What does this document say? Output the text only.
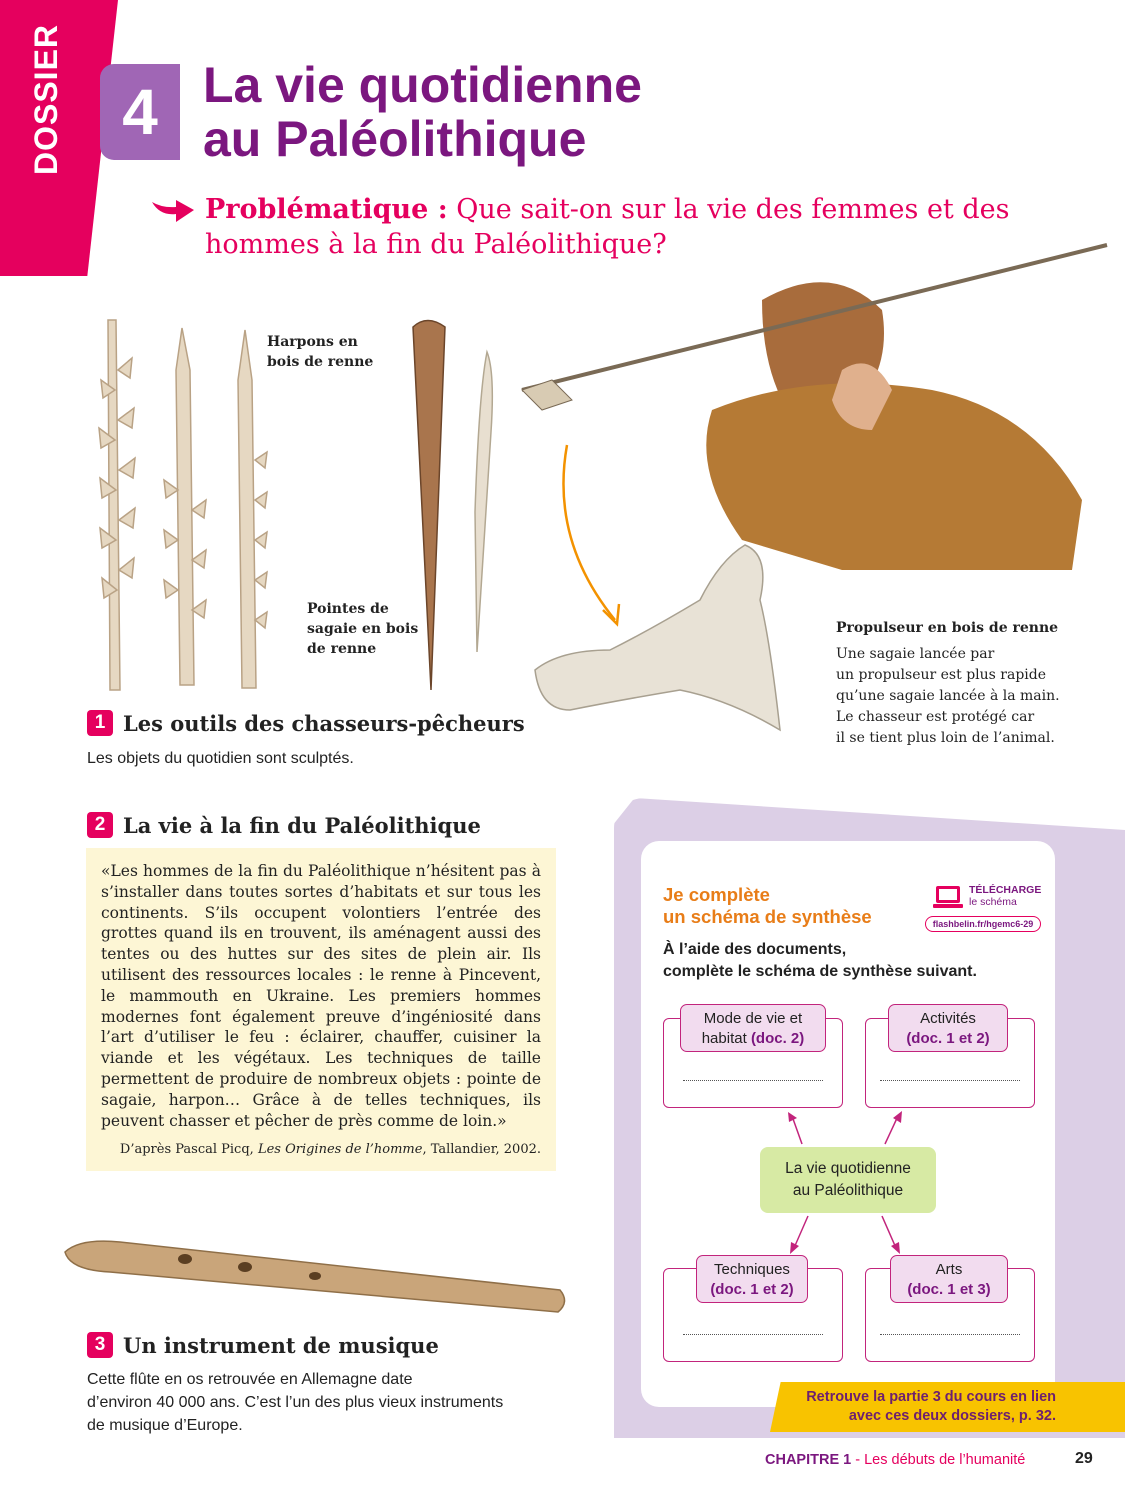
DOSSIER 4 La vie quotidienne
au Paléolithique
Problématique : Que sait-on sur la vie des femmes et des hommes à la fin du Paléolithique?
Harpons en
bois de renne
Pointes de
sagaie en bois
de renne
Propulseur en bois de renne
Une sagaie lancée par
un propulseur est plus rapide
qu’une sagaie lancée à la main.
Le chasseur est protégé car
il se tient plus loin de l’animal.
1 Les outils des chasseurs-pêcheurs
Les objets du quotidien sont sculptés.
2 La vie à la fin du Paléolithique
«Les hommes de la fin du Paléolithique n’hésitent pas à s’installer dans toutes sortes d’habitats et sur tous les continents. S’ils occupent volontiers l’entrée des grottes quand ils en trouvent, ils aménagent aussi des tentes ou des huttes sur des sites de plein air. Ils utilisent des ressources locales : le renne à Pincevent, le mammouth en Ukraine. Les premiers hommes modernes font également preuve d’ingéniosité dans l’art d’utiliser le feu : éclairer, chauffer, cuisiner la viande et les végétaux. Les techniques de taille permettent de produire de nombreux objets : pointe de sagaie, harpon… Grâce à de telles techniques, ils peuvent chasser et pêcher de près comme de loin.»
D’après Pascal Picq, Les Origines de l’homme, Tallandier, 2002.
3 Un instrument de musique
Cette flûte en os retrouvée en Allemagne date
d’environ 40 000 ans. C’est l’un des plus vieux instruments
de musique d’Europe.
Je complète
un schéma de synthèse
TÉLÉCHARGE
le schéma
flashbelin.fr/hgemc6-29
À l’aide des documents,
complète le schéma de synthèse suivant.
Mode de vie et
habitat (doc. 2)
Activités
(doc. 1 et 2)
La vie quotidienne
au Paléolithique
Techniques
(doc. 1 et 2)
Arts
(doc. 1 et 3)
Retrouve la partie 3 du cours en lien
avec ces deux dossiers, p. 32.
CHAPITRE 1 - Les débuts de l’humanité	29
